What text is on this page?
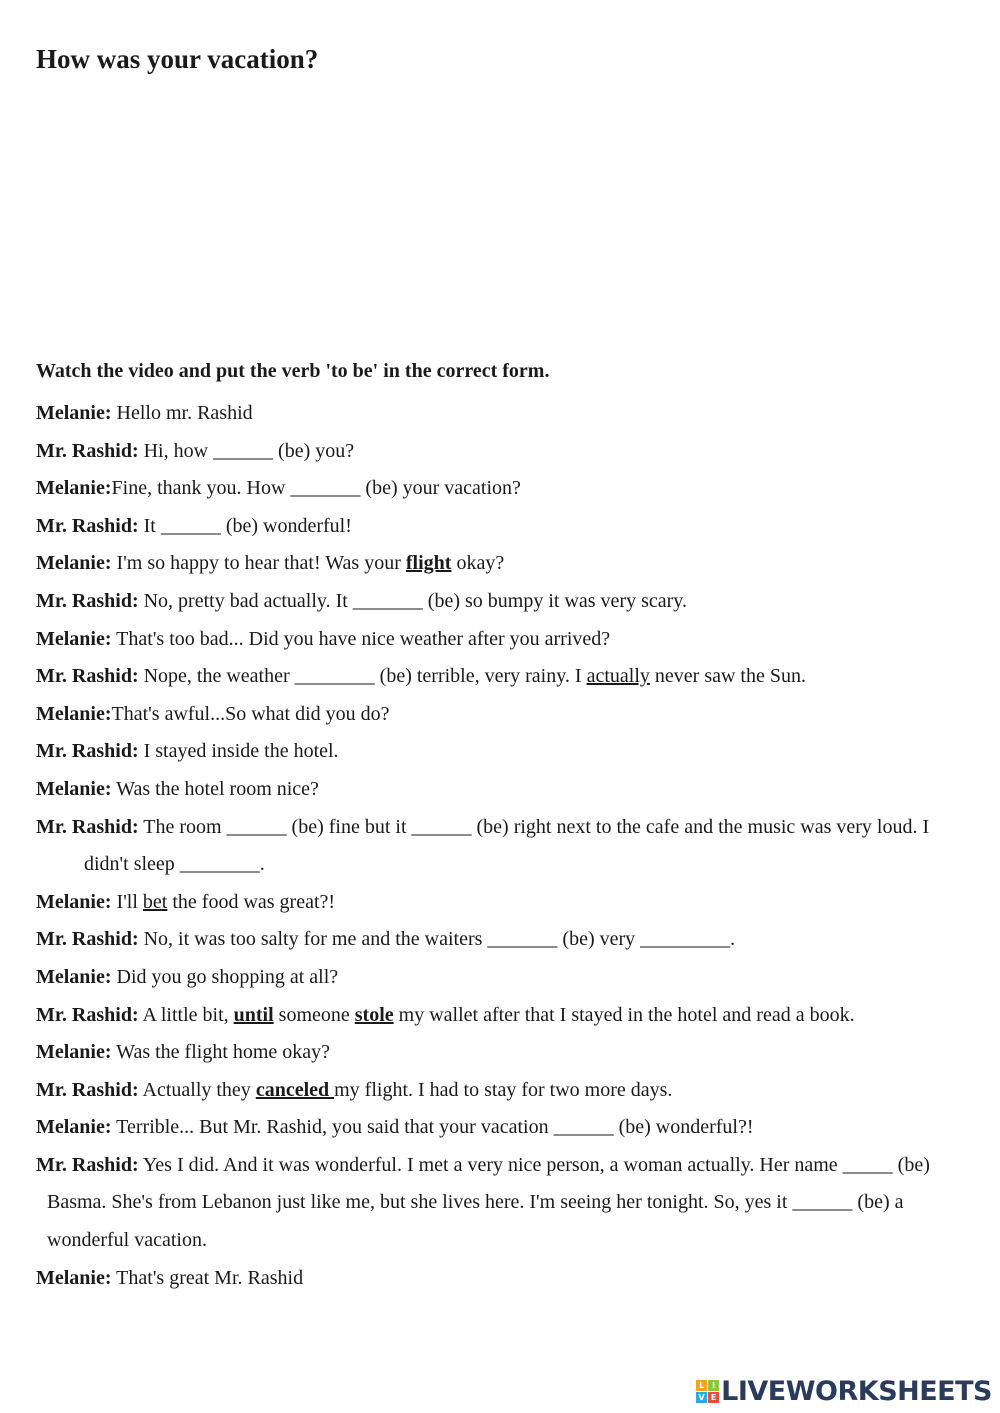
How was your vacation?
Watch the video and put the verb 'to be' in the correct form.

Melanie: Hello mr. Rashid

Mr. Rashid: Hi, how ______ (be) you?

Melanie:Fine, thank you. How _______ (be) your vacation?

Mr. Rashid: It ______ (be) wonderful!

Melanie: I'm so happy to hear that! Was your flight okay?

Mr. Rashid: No, pretty bad actually. It _______ (be) so bumpy it was very scary.

Melanie: That's too bad... Did you have nice weather after you arrived?

Mr. Rashid: Nope, the weather ________ (be) terrible, very rainy. I actually never saw the Sun.

Melanie:That's awful...So what did you do?

Mr. Rashid: I stayed inside the hotel.

Melanie: Was the hotel room nice?

Mr. Rashid: The room ______ (be) fine but it ______ (be) right next to the cafe and the music was very loud. I didn't sleep ________.

Melanie: I'll bet the food was great?!

Mr. Rashid: No, it was too salty for me and the waiters _______ (be) very _________.

Melanie: Did you go shopping at all?

Mr. Rashid: A little bit, until someone stole my wallet after that I stayed in the hotel and read a book.

Melanie: Was the flight home okay?

Mr. Rashid: Actually they canceled my flight. I had to stay for two more days.

Melanie: Terrible... But Mr. Rashid, you said that your vacation ______ (be) wonderful?!

Mr. Rashid: Yes I did. And it was wonderful. I met a very nice person, a woman actually. Her name _____ (be) Basma. She's from Lebanon just like me, but she lives here. I'm seeing her tonight. So, yes it ______ (be) a wonderful vacation.

Melanie: That's great Mr. Rashid

L I
V E LIVEWORKSHEETS
